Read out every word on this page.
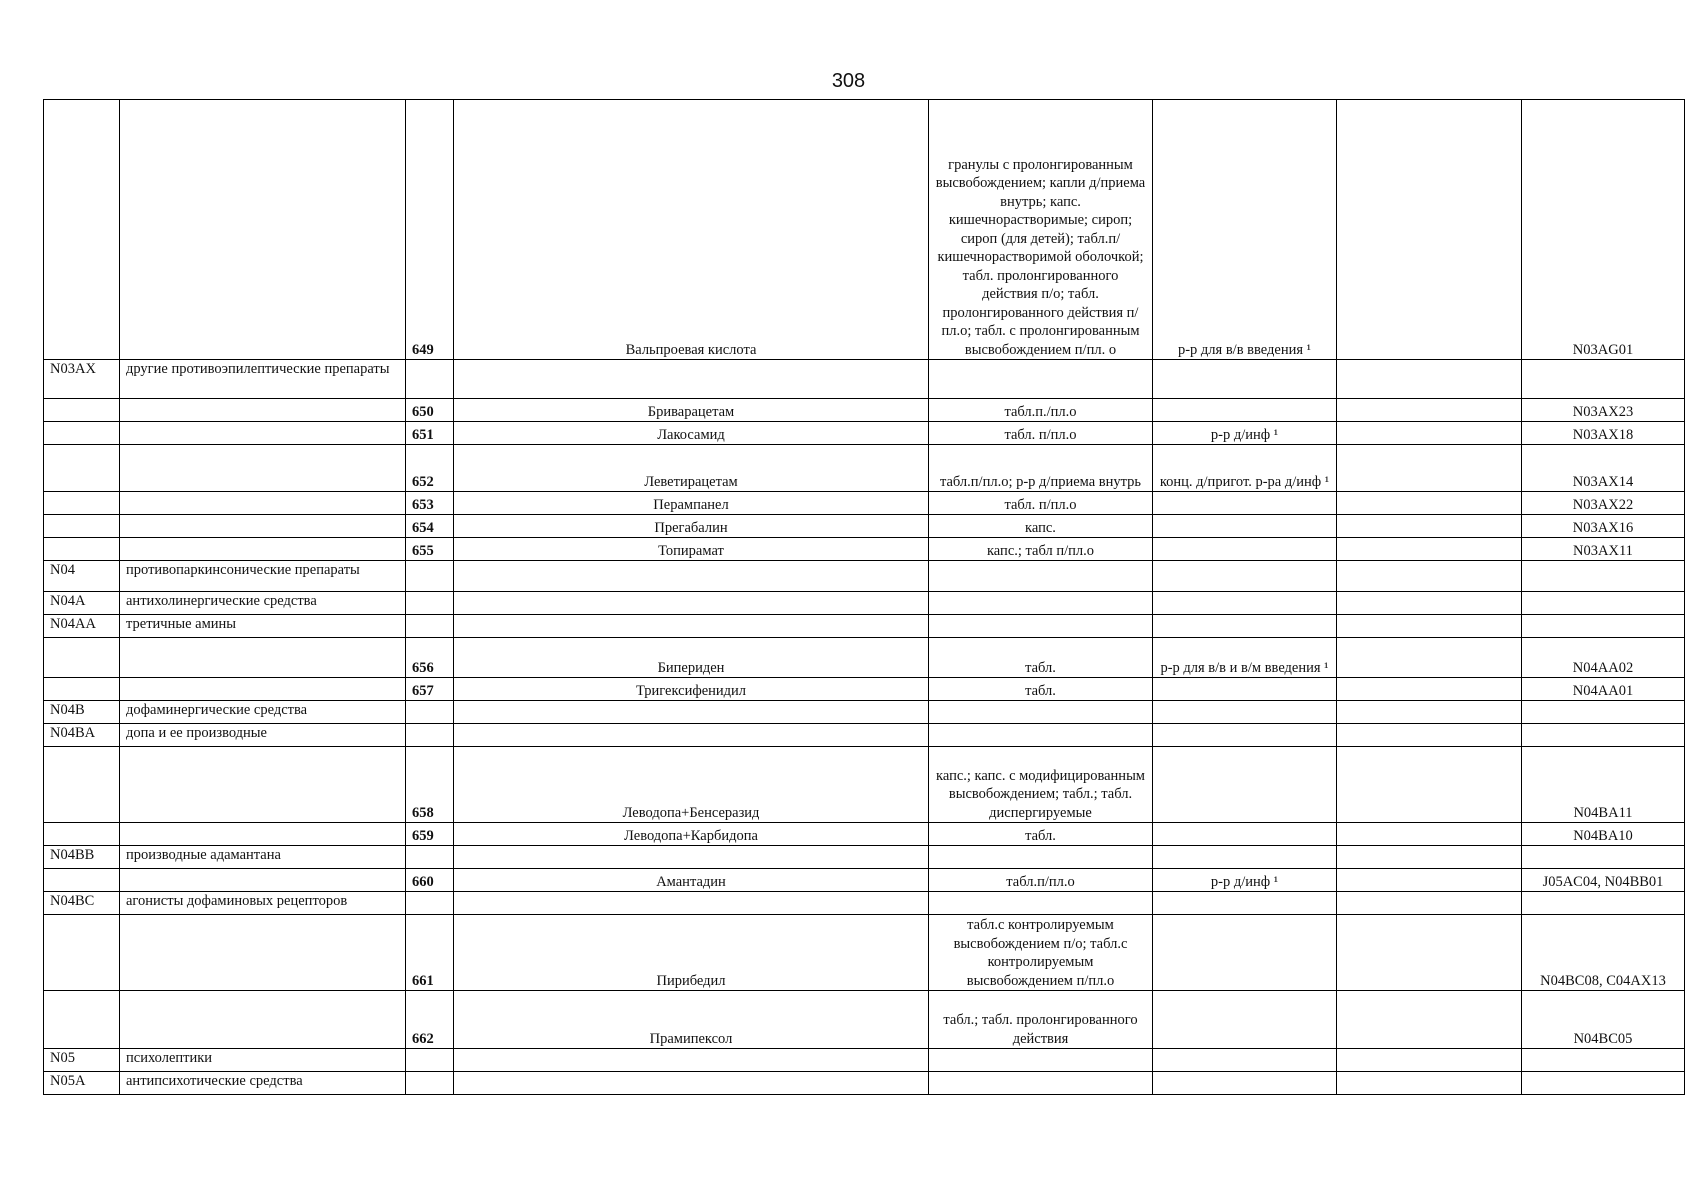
308
		649	Вальпроевая кислота	гранулы с пролонгированным высвобождением; капли д/приема внутрь; капс. кишечнорастворимые; сироп; сироп (для детей); табл.п/кишечнорастворимой оболочкой; табл. пролонгированного действия п/о; табл. пролонгированного действия п/пл.о; табл. с пролонгированным высвобождением п/пл. о	р-р для в/в введения ¹		N03AG01
N03AX	другие противоэпилептические препараты						
		650	Бриварацетам	табл.п./пл.о			N03AX23
		651	Лакосамид	табл. п/пл.о	р-р д/инф ¹		N03AX18
		652	Леветирацетам	табл.п/пл.о; р-р д/приема внутрь	конц. д/пригот. р-ра д/инф ¹		N03AX14
		653	Перампанел	табл. п/пл.о			N03AX22
		654	Прегабалин	капс.			N03AX16
		655	Топирамат	капс.; табл п/пл.о			N03AX11
N04	противопаркинсонические препараты						
N04A	антихолинергические средства						
N04AA	третичные амины						
		656	Бипериден	табл.	р-р для в/в и в/м введения ¹		N04AA02
		657	Тригексифенидил	табл.			N04AA01
N04B	дофаминергические средства						
N04BA	допа и ее производные						
		658	Леводопа+Бенсеразид	капс.; капс. с модифицированным высвобождением; табл.; табл. диспергируемые			N04BA11
		659	Леводопа+Карбидопа	табл.			N04BA10
N04BB	производные адамантана						
		660	Амантадин	табл.п/пл.о	р-р д/инф ¹		J05AC04, N04BB01
N04BC	агонисты дофаминовых рецепторов						
		661	Пирибедил	табл.с контролируемым высвобождением п/о; табл.с контролируемым высвобождением п/пл.о			N04BC08, C04AX13
		662	Прамипексол	табл.; табл. пролонгированного действия			N04BC05
N05	психолептики						
N05A	антипсихотические средства						
